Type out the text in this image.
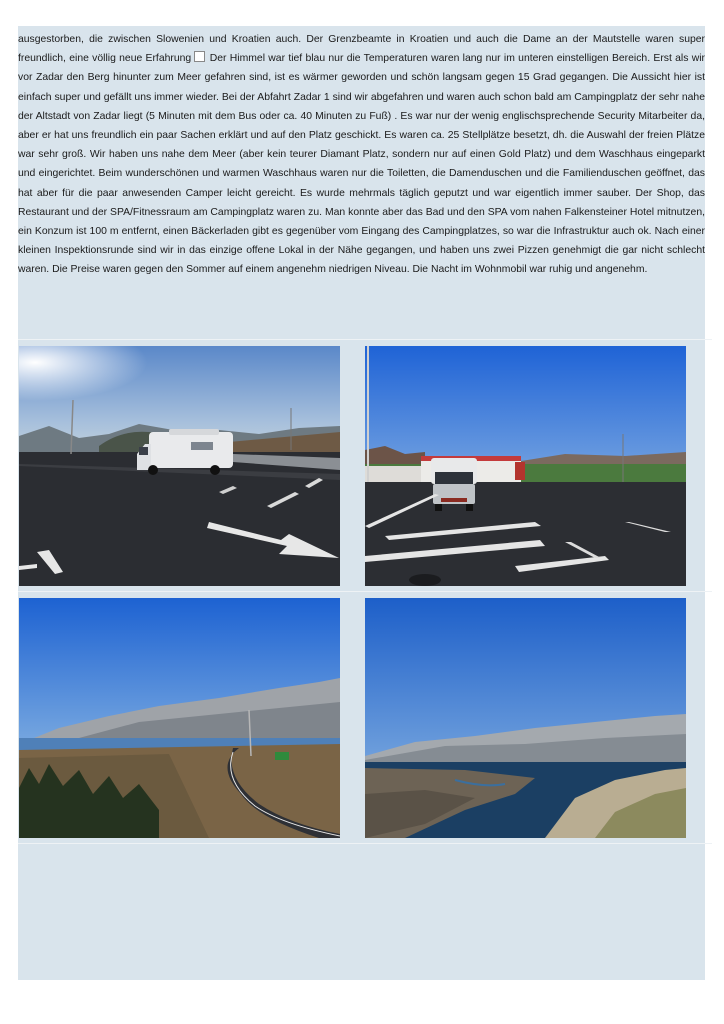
ausgestorben, die zwischen Slowenien und Kroatien auch. Der Grenzbeamte in Kroatien und auch die Dame an der Mautstelle waren super freundlich, eine völlig neue Erfahrung  Der Himmel war tief blau nur die Temperaturen waren lang nur im unteren einstelligen Bereich. Erst als wir vor Zadar den Berg hinunter zum Meer gefahren sind, ist es wärmer geworden und schön langsam gegen 15 Grad gegangen. Die Aussicht hier ist einfach super und gefällt uns immer wieder. Bei der Abfahrt Zadar 1 sind wir abgefahren und waren auch schon bald am Campingplatz der sehr nahe der Altstadt von Zadar liegt (5 Minuten mit dem Bus oder ca. 40 Minuten zu Fuß) . Es war nur der wenig englischsprechende Security Mitarbeiter da, aber er hat uns freundlich ein paar Sachen erklärt und auf den Platz geschickt. Es waren ca. 25 Stellplätze besetzt, dh. die Auswahl der freien Plätze war sehr groß. Wir haben uns nahe dem Meer (aber kein teurer Diamant Platz, sondern nur auf einen Gold Platz) und dem Waschhaus eingeparkt und eingerichtet. Beim wunderschönen und warmen Waschhaus waren nur die Toiletten, die Damenduschen und die Familienduschen geöffnet, das hat aber für die paar anwesenden Camper leicht gereicht. Es wurde mehrmals täglich geputzt und war eigentlich immer sauber. Der Shop, das Restaurant und der SPA/Fitnessraum am Campingplatz waren zu. Man konnte aber das Bad und den SPA vom nahen Falkensteiner Hotel mitnutzen, ein Konzum ist 100 m entfernt, einen Bäckerladen gibt es gegenüber vom Eingang des Campingplatzes, so war die Infrastruktur auch ok. Nach einer kleinen Inspektionsrunde sind wir in das einzige offene Lokal in der Nähe gegangen, und haben uns zwei Pizzen genehmigt die gar nicht schlecht waren. Die Preise waren gegen den Sommer auf einem angenehm niedrigen Niveau. Die Nacht im Wohnmobil war ruhig und angenehm.
